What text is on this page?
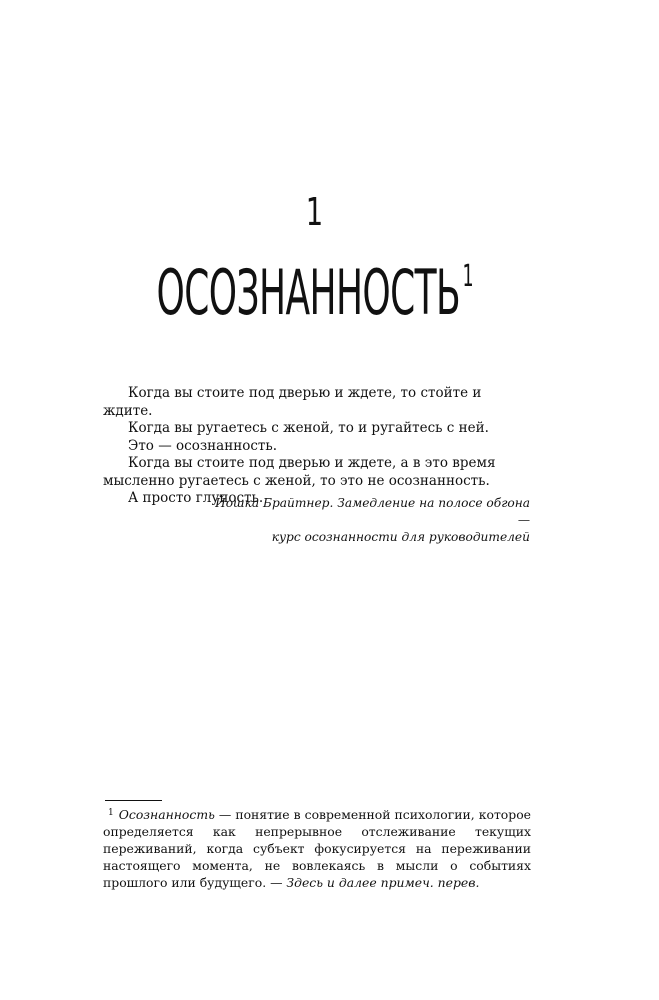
1
ОСОЗНАННОСТЬ$^1$

Когда вы стоите под дверью и ждете, то стойте и ждите.

Когда вы ругаетесь с женой, то и ругайтесь с ней.

Это — осознанность.

Когда вы стоите под дверью и ждете, а в это время мысленно ругаетесь с женой, то это не осознанность.

А просто глупость.

Йошка Брайтнер. Замедление на полосе обгона —
курс осознанности для руководителей
$^1$ Осознанность — понятие в современной психологии, которое определяется как непрерывное отслеживание текущих переживаний, когда субъект фокусируется на переживании настоящего момента, не вовлекаясь в мысли о событиях прошлого или будущего. — Здесь и далее примеч. перев.
